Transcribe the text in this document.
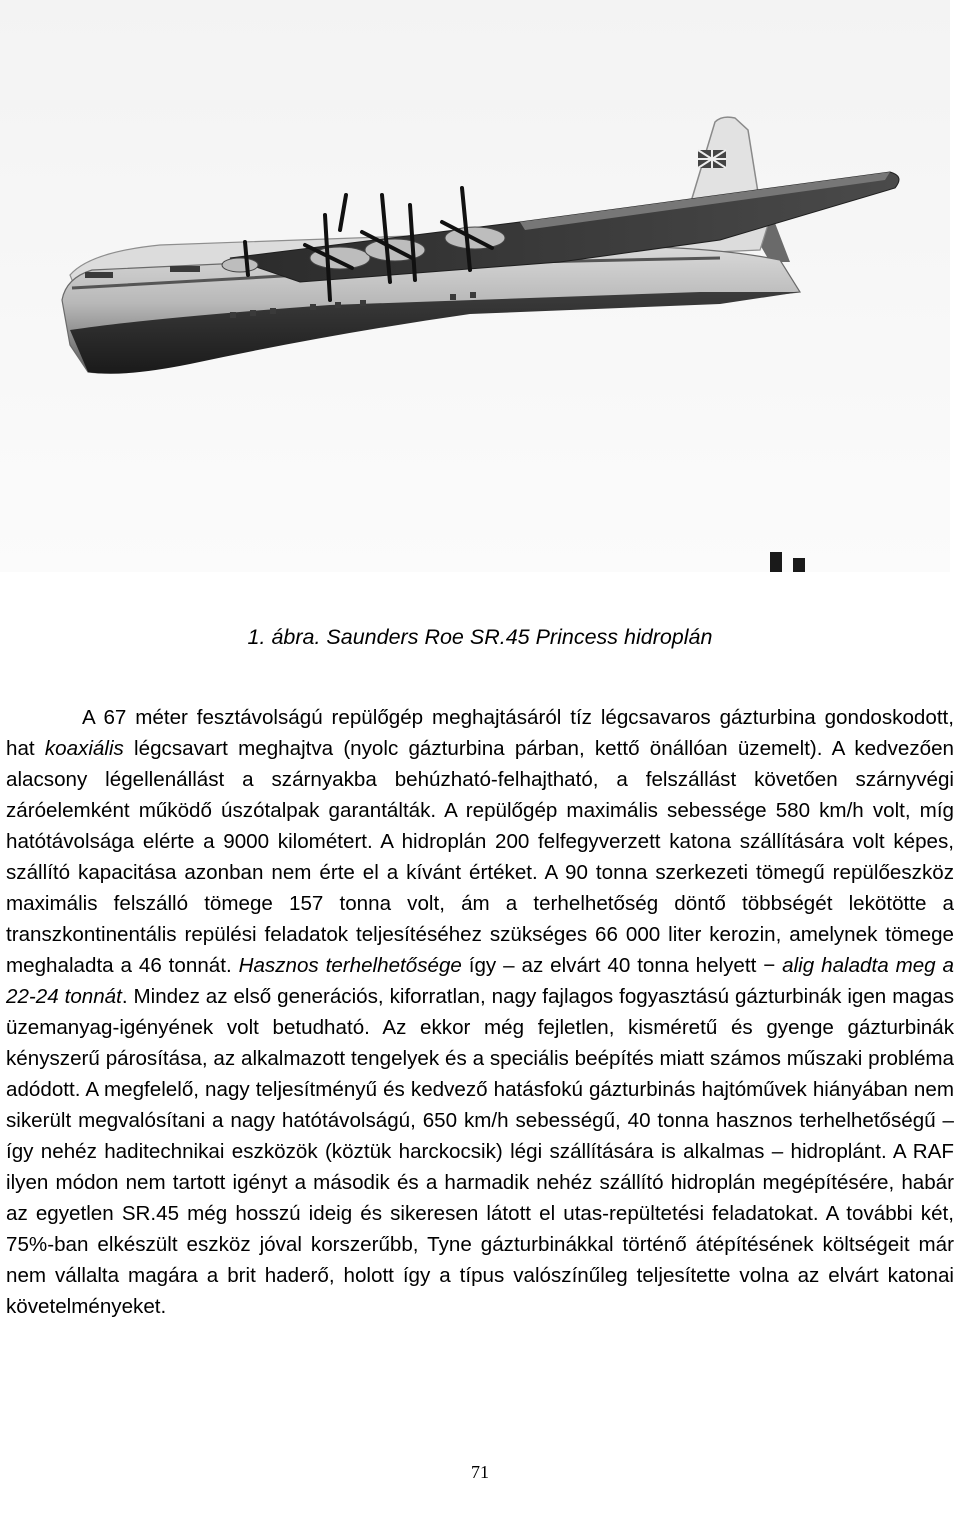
1. ábra. Saunders Roe SR.45 Princess hidroplán

A 67 méter fesztávolságú repülőgép meghajtásáról tíz légcsavaros gázturbina gondoskodott, hat koaxiális légcsavart meghajtva (nyolc gázturbina párban, kettő önállóan üzemelt). A kedvezően alacsony légellenállást a szárnyakba behúzható-felhajtható, a felszállást követően szárnyvégi záróelemként működő úszótalpak garantálták. A repülőgép maximális sebessége 580 km/h volt, míg hatótávolsága elérte a 9000 kilométert. A hidroplán 200 felfegyverzett katona szállítására volt képes, szállító kapacitása azonban nem érte el a kívánt értéket. A 90 tonna szerkezeti tömegű repülőeszköz maximális felszálló tömege 157 tonna volt, ám a terhelhetőség döntő többségét lekötötte a transzkontinentális repülési feladatok teljesítéséhez szükséges 66 000 liter kerozin, amelynek tömege meghaladta a 46 tonnát. Hasznos terhelhetősége így – az elvárt 40 tonna helyett − alig haladta meg a 22-24 tonnát. Mindez az első generációs, kiforratlan, nagy fajlagos fogyasztású gázturbinák igen magas üzemanyag-igényének volt betudható. Az ekkor még fejletlen, kisméretű és gyenge gázturbinák kényszerű párosítása, az alkalmazott tengelyek és a speciális beépítés miatt számos műszaki probléma adódott. A megfelelő, nagy teljesítményű és kedvező hatásfokú gázturbinás hajtóművek hiányában nem sikerült megvalósítani a nagy hatótávolságú, 650 km/h sebességű, 40 tonna hasznos terhelhetőségű – így nehéz haditechnikai eszközök (köztük harckocsik) légi szállítására is alkalmas – hidroplánt. A RAF ilyen módon nem tartott igényt a második és a harmadik nehéz szállító hidroplán megépítésére, habár az egyetlen SR.45 még hosszú ideig és sikeresen látott el utas-repültetési feladatokat. A további két, 75%-ban elkészült eszköz jóval korszerűbb, Tyne gázturbinákkal történő átépítésének költségeit már nem vállalta magára a brit haderő, holott így a típus valószínűleg teljesítette volna az elvárt katonai követelményeket.

71
